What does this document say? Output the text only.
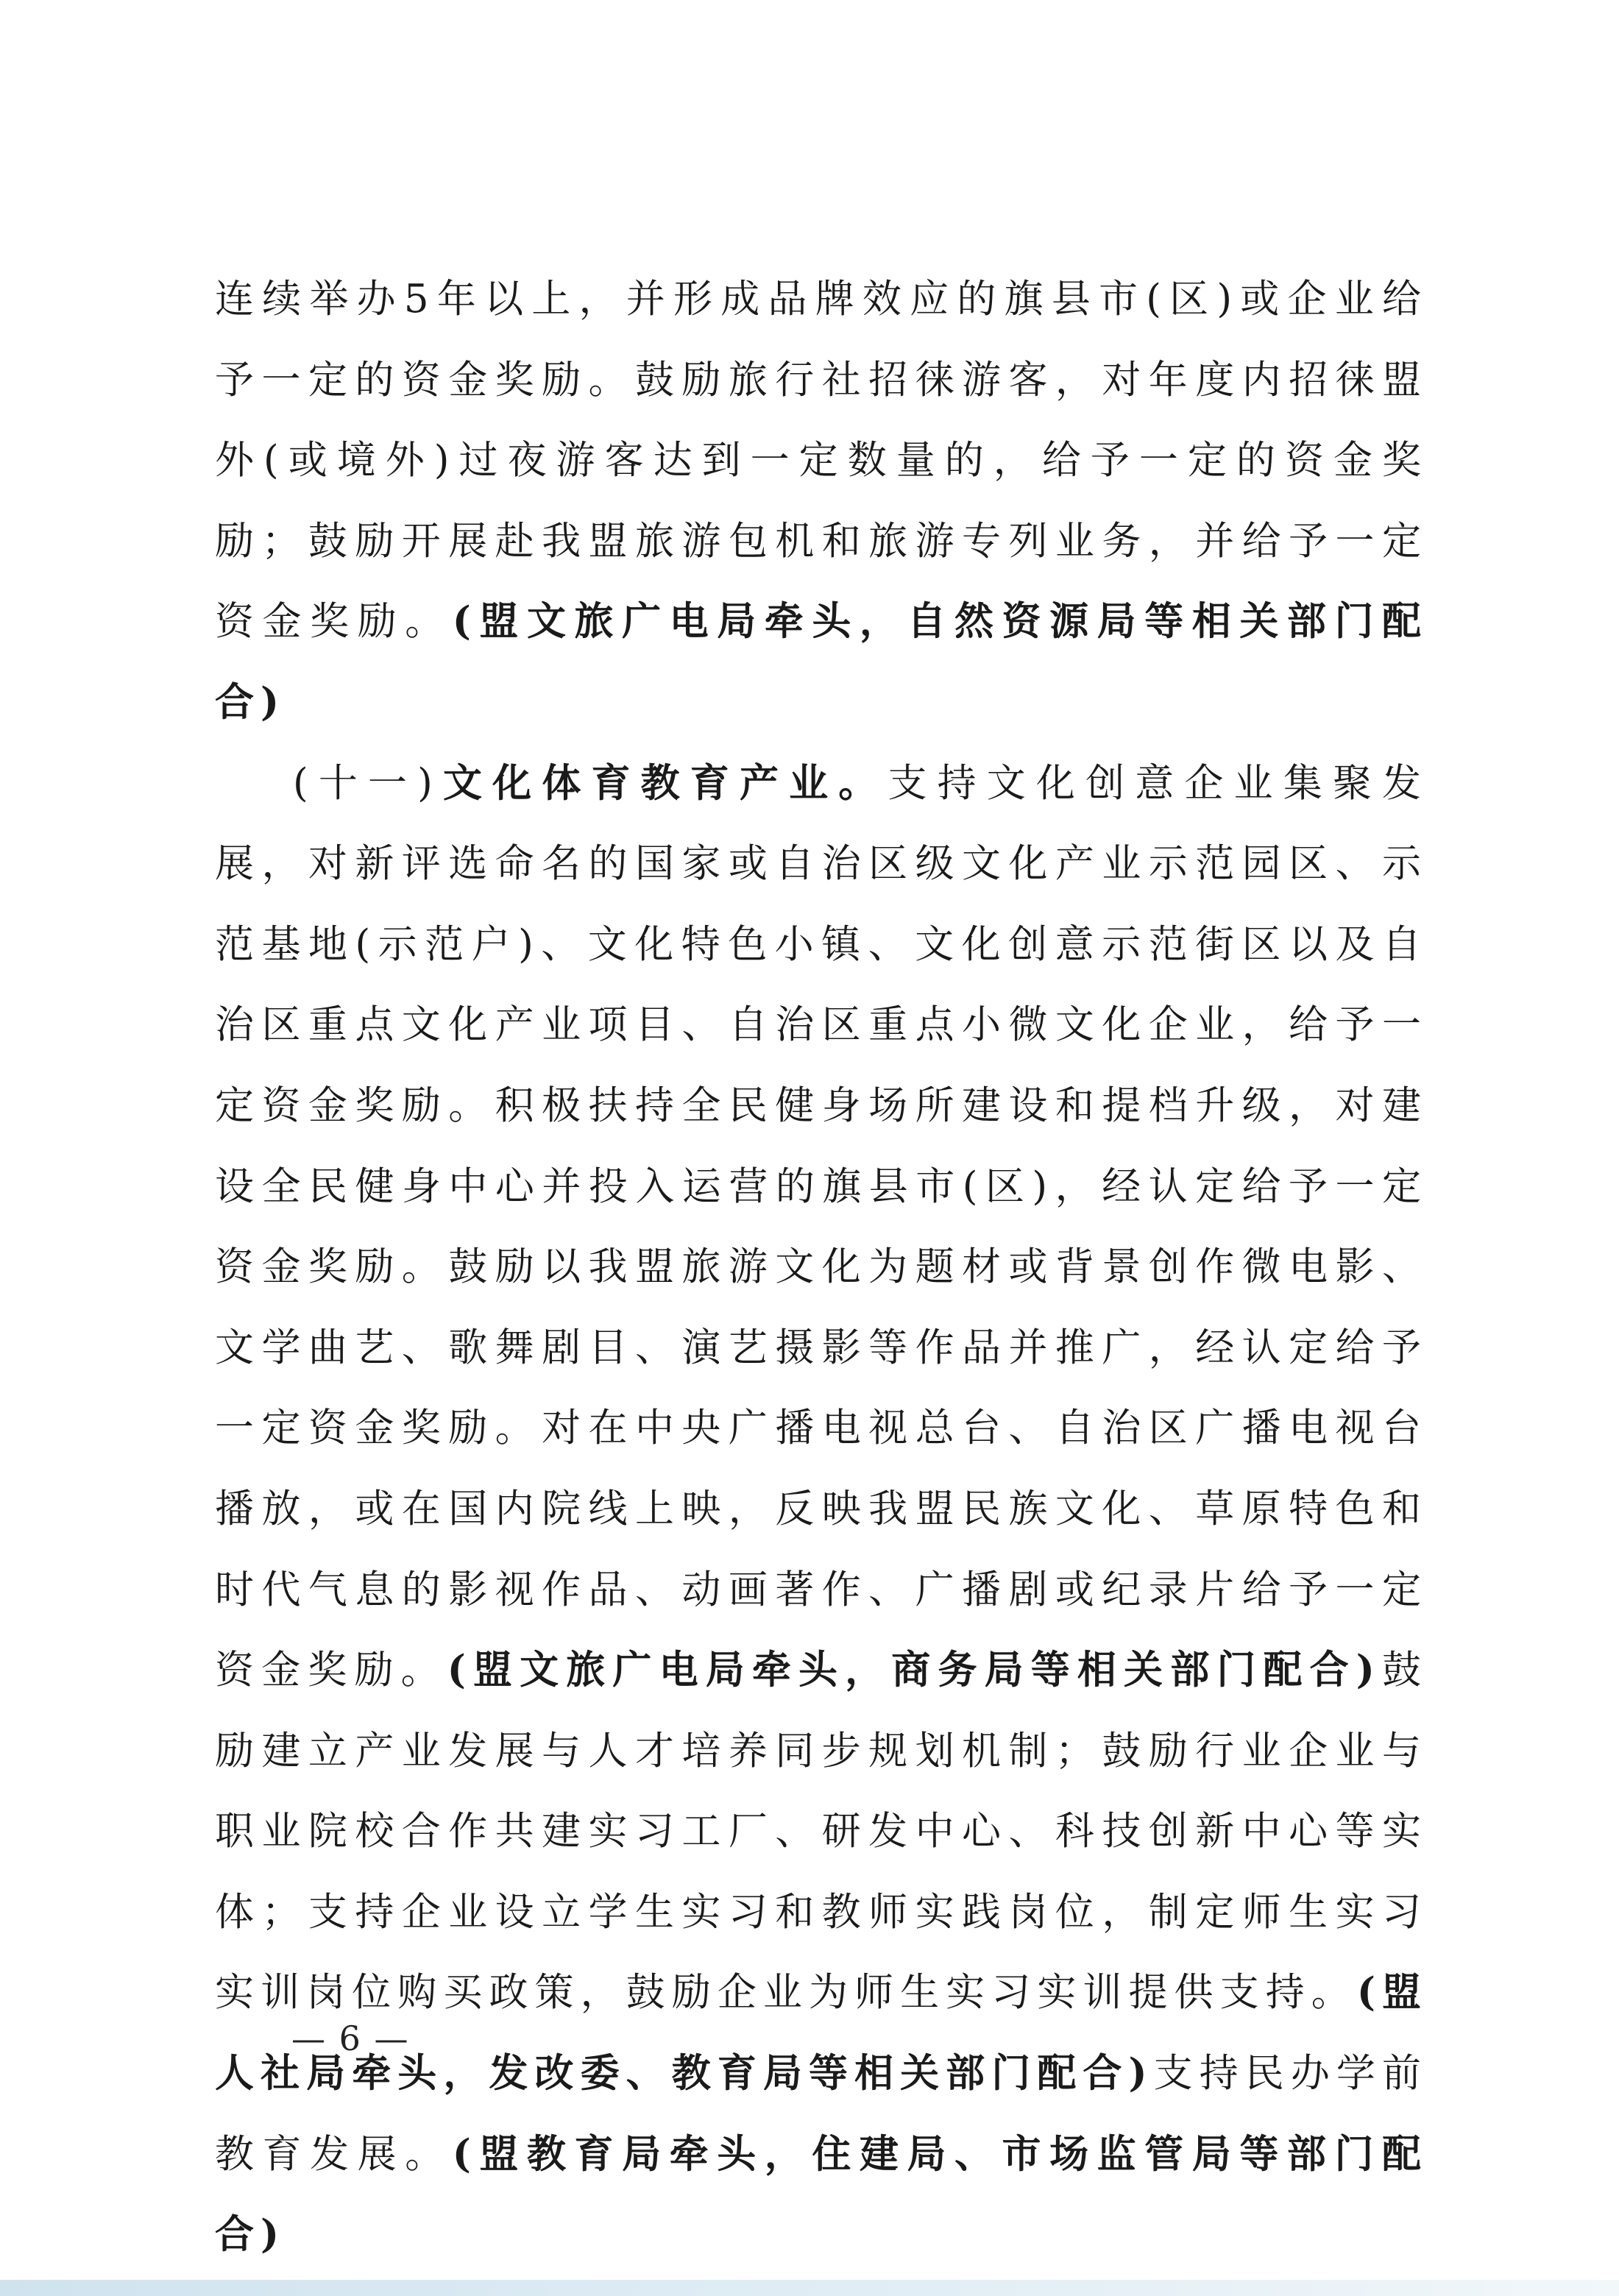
连续举办5年以上，并形成品牌效应的旗县市(区)或企业给予一定的资金奖励。鼓励旅行社招徕游客，对年度内招徕盟外(或境外)过夜游客达到一定数量的，给予一定的资金奖励；鼓励开展赴我盟旅游包机和旅游专列业务，并给予一定资金奖励。(盟文旅广电局牵头，自然资源局等相关部门配合)

(十一)文化体育教育产业。支持文化创意企业集聚发展，对新评选命名的国家或自治区级文化产业示范园区、示范基地(示范户)、文化特色小镇、文化创意示范街区以及自治区重点文化产业项目、自治区重点小微文化企业，给予一定资金奖励。积极扶持全民健身场所建设和提档升级，对建设全民健身中心并投入运营的旗县市(区)，经认定给予一定资金奖励。鼓励以我盟旅游文化为题材或背景创作微电影、文学曲艺、歌舞剧目、演艺摄影等作品并推广，经认定给予一定资金奖励。对在中央广播电视总台、自治区广播电视台播放，或在国内院线上映，反映我盟民族文化、草原特色和时代气息的影视作品、动画著作、广播剧或纪录片给予一定资金奖励。(盟文旅广电局牵头，商务局等相关部门配合)鼓励建立产业发展与人才培养同步规划机制；鼓励行业企业与职业院校合作共建实习工厂、研发中心、科技创新中心等实体；支持企业设立学生实习和教师实践岗位，制定师生实习实训岗位购买政策，鼓励企业为师生实习实训提供支持。(盟人社局牵头，发改委、教育局等相关部门配合)支持民办学前教育发展。(盟教育局牵头，住建局、市场监管局等部门配合)

— 6 —
